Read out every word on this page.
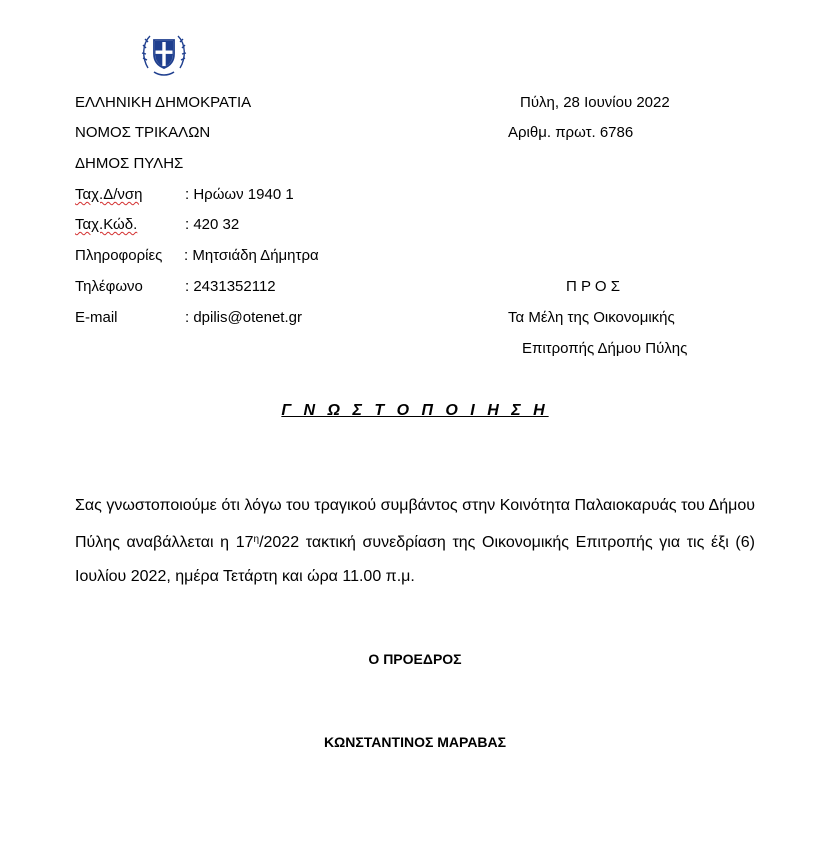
ΕΛΛΗΝΙΚΗ ΔΗΜΟΚΡΑΤΙΑ
ΝΟΜΟΣ ΤΡΙΚΑΛΩΝ
ΔΗΜΟΣ ΠΥΛΗΣ
Ταχ.Δ/νση	: Ηρώων 1940 1
Ταχ.Κώδ.	: 420 32
Πληροφορίες : Μητσιάδη Δήμητρα
Τηλέφωνο	: 2431352112
E-mail	: dpilis@otenet.gr
Πύλη, 28 Ιουνίου 2022
Αριθμ. πρωτ. 6786
Π Ρ Ο Σ
Τα Μέλη της Οικονομικής
Επιτροπής Δήμου Πύλης
Γ Ν Ω Σ Τ Ο Π Ο Ι Η Σ Η
Σας γνωστοποιούμε ότι λόγω του τραγικού συμβάντος στην Κοινότητα Παλαιοκαρυάς του Δήμου Πύλης αναβάλλεται η $17^\eta/2022$ τακτική συνεδρίαση της Οικονομικής Επιτροπής για τις έξι (6) Ιουλίου 2022, ημέρα Τετάρτη και ώρα 11.00 π.μ.
Ο ΠΡΟΕΔΡΟΣ
ΚΩΝΣΤΑΝΤΙΝΟΣ ΜΑΡΑΒΑΣ
